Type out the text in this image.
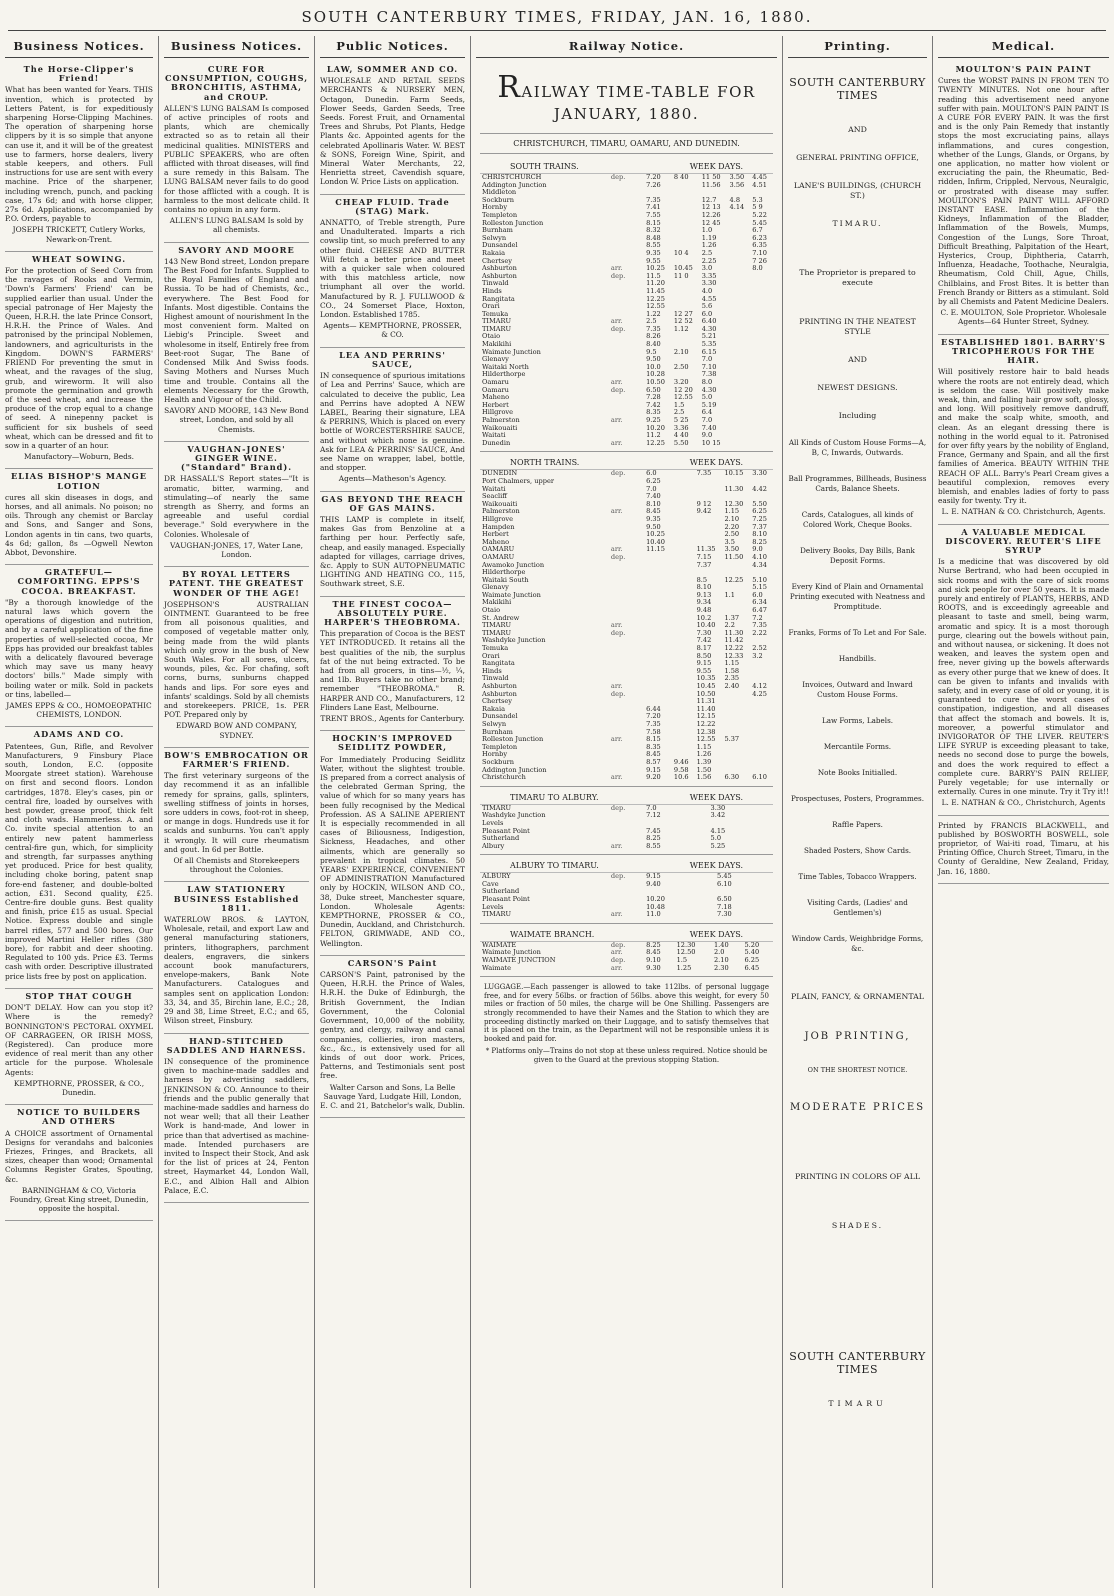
SOUTH CANTERBURY TIMES, FRIDAY, JAN. 16, 1880.
Business Notices.
The Horse-Clipper's Friend!

What has been wanted for Years. THIS invention, which is protected by Letters Patent, is for expeditiously sharpening Horse-Clipping Machines. The operation of sharpening horse clippers by it is so simple that anyone can use it, and it will be of the greatest use to farmers, horse dealers, livery stable keepers, and others. Full instructions for use are sent with every machine. Price of the sharpener, including wrench, punch, and packing case, 17s 6d; and with horse clipper, 27s 6d. Applications, accompanied by P.O. Orders, payable to

JOSEPH TRICKETT, Cutlery Works, Newark-on-Trent.

WHEAT SOWING.

For the protection of Seed Corn from the ravages of Rooks and Vermin, 'Down's Farmers' Friend' can be supplied earlier than usual. Under the special patronage of Her Majesty the Queen, H.R.H. the late Prince Consort, H.R.H. the Prince of Wales. And patronised by the principal Noblemen, landowners, and agriculturists in the Kingdom. DOWN'S FARMERS' FRIEND For preventing the smut in wheat, and the ravages of the slug, grub, and wireworm. It will also promote the germination and growth of the seed wheat, and increase the produce of the crop equal to a change of seed. A ninepenny packet is sufficient for six bushels of seed wheat, which can be dressed and fit to sow in a quarter of an hour.

Manufactory—Woburn, Beds.

ELIAS BISHOP'S MANGE LOTION

cures all skin diseases in dogs, and horses, and all animals. No poison; no oils. Through any chemist or Barclay and Sons, and Sanger and Sons, London agents in tin cans, two quarts, 4s 6d; gallon, 8s —Ogwell Newton Abbot, Devonshire.

GRATEFUL—COMFORTING. EPPS'S COCOA. BREAKFAST.

"By a thorough knowledge of the natural laws which govern the operations of digestion and nutrition, and by a careful application of the fine properties of well-selected cocoa, Mr Epps has provided our breakfast tables with a delicately flavoured beverage which may save us many heavy doctors' bills." Made simply with boiling water or milk. Sold in packets or tins, labelled—

JAMES EPPS & CO., HOMOEOPATHIC CHEMISTS, LONDON.

ADAMS AND CO.

Patentees, Gun, Rifle, and Revolver Manufacturers, 9 Finsbury Place south, London, E.C. (opposite Moorgate street station). Warehouse on first and second floors. London cartridges, 1878. Eley's cases, pin or central fire, loaded by ourselves with best powder, grease proof, thick felt and cloth wads. Hammerless. A. and Co. invite special attention to an entirely new patent hammerless central-fire gun, which, for simplicity and strength, far surpasses anything yet produced. Price for best quality, including choke boring, patent snap fore-end fastener, and double-bolted action, £31. Second quality, £25. Centre-fire double guns. Best quality and finish, price £15 as usual. Special Notice. Express double and single barrel rifles, 577 and 500 bores. Our improved Martini Heller rifles (380 bore), for rabbit and deer shooting. Regulated to 100 yds. Price £3. Terms cash with order. Descriptive illustrated price lists free by post on application.

STOP THAT COUGH

DON'T DELAY. How can you stop it? Where is the remedy? BONNINGTON'S PECTORAL OXYMEL OF CARRAGEEN, OR IRISH MOSS, (Registered). Can produce more evidence of real merit than any other article for the purpose. Wholesale Agents:

KEMPTHORNE, PROSSER, & CO., Dunedin.

NOTICE TO BUILDERS AND OTHERS

A CHOICE assortment of Ornamental Designs for verandahs and balconies Friezes, Fringes, and Brackets, all sizes, cheaper than wood; Ornamental Columns Register Grates, Spouting, &c.

BARNINGHAM & CO, Victoria Foundry, Great King street, Dunedin, opposite the hospital.

Business Notices.
CURE FOR CONSUMPTION, COUGHS, BRONCHITIS, ASTHMA, and CROUP.

ALLEN'S LUNG BALSAM Is composed of active principles of roots and plants, which are chemically extracted so as to retain all their medicinal qualities. MINISTERS and PUBLIC SPEAKERS, who are often afflicted with throat diseases, will find a sure remedy in this Balsam. The LUNG BALSAM never fails to do good for those afflicted with a cough. It is harmless to the most delicate child. It contains no opium in any form.

ALLEN'S LUNG BALSAM Is sold by all chemists.

SAVORY AND MOORE

143 New Bond street, London prepare The Best Food for Infants. Supplied to the Royal Families of England and Russia. To be had of Chemists, &c., everywhere. The Best Food for Infants. Most digestible. Contains the Highest amount of nourishment In the most convenient form. Malted on Liebig's Principle. Sweet and wholesome in itself, Entirely free from Beet-root Sugar, The Bane of Condensed Milk And Swiss foods. Saving Mothers and Nurses Much time and trouble. Contains all the elements Necessary for the Growth, Health and Vigour of the Child.

SAVORY AND MOORE, 143 New Bond street, London, and sold by all Chemists.

VAUGHAN-JONES' GINGER WINE. ("Standard" Brand).

DR HASSALL'S Report states—"It is aromatic, bitter, warming, and stimulating—of nearly the same strength as Sherry, and forms an agreeable and useful cordial beverage." Sold everywhere in the Colonies. Wholesale of

VAUGHAN-JONES, 17, Water Lane, London.

BY ROYAL LETTERS PATENT. THE GREATEST WONDER OF THE AGE!

JOSEPHSON'S AUSTRALIAN OINTMENT. Guaranteed to be free from all poisonous qualities, and composed of vegetable matter only, being made from the wild plants which only grow in the bush of New South Wales. For all sores, ulcers, wounds, piles, &c. For chafing, soft corns, burns, sunburns chapped hands and lips. For sore eyes and infants' scaldings. Sold by all chemists and storekeepers. PRICE, 1s. PER POT. Prepared only by

EDWARD BOW AND COMPANY, SYDNEY.

BOW'S EMBROCATION OR FARMER'S FRIEND.

The first veterinary surgeons of the day recommend it as an infallible remedy for sprains, galls, splinters, swelling stiffness of joints in horses, sore udders in cows, foot-rot in sheep, or mange in dogs. Hundreds use it for scalds and sunburns. You can't apply it wrongly. It will cure rheumatism and gout. In 6d per Bottle.

Of all Chemists and Storekeepers throughout the Colonies.

LAW STATIONERY BUSINESS Established 1811.

WATERLOW BROS. & LAYTON, Wholesale, retail, and export Law and general manufacturing stationers, printers, lithographers, parchment dealers, engravers, die sinkers account book manufacturers, envelope-makers, Bank Note Manufacturers. Catalogues and samples sent on application London: 33, 34, and 35, Birchin lane, E.C.; 28, 29 and 38, Lime Street, E.C.; and 65, Wilson street, Finsbury.

HAND-STITCHED SADDLES AND HARNESS.

IN consequence of the prominence given to machine-made saddles and harness by advertising saddlers, JENKINSON & CO. Announce to their friends and the public generally that machine-made saddles and harness do not wear well; that all their Leather Work is hand-made, And lower in price than that advertised as machine-made. Intended purchasers are invited to Inspect their Stock, And ask for the list of prices at 24, Fenton street, Haymarket 44, London Wall, E.C., and Albion Hall and Albion Palace, E.C.

Public Notices.
LAW, SOMMER AND CO.

WHOLESALE AND RETAIL SEEDS MERCHANTS & NURSERY MEN, Octagon, Dunedin. Farm Seeds, Flower Seeds, Garden Seeds, Tree Seeds. Forest Fruit, and Ornamental Trees and Shrubs, Pot Plants, Hedge Plants &c. Appointed agents for the celebrated Apollinaris Water. W. BEST & SONS, Foreign Wine, Spirit, and Mineral Water Merchants, 22, Henrietta street, Cavendish square, London W. Price Lists on application.

CHEAP FLUID. Trade (STAG) Mark.

ANNATTO, of Treble strength, Pure and Unadulterated. Imparts a rich cowslip tint, so much preferred to any other fluid. CHEESE AND BUTTER Will fetch a better price and meet with a quicker sale when coloured with this matchless article, now triumphant all over the world. Manufactured by R. J. FULLWOOD & CO., 24 Somerset Place, Hoxton, London. Established 1785.

Agents— KEMPTHORNE, PROSSER, & CO.

LEA AND PERRINS' SAUCE,

IN consequence of spurious imitations of Lea and Perrins' Sauce, which are calculated to deceive the public, Lea and Perrins have adopted A NEW LABEL, Bearing their signature, LEA & PERRINS, Which is placed on every bottle of WORCESTERSHIRE SAUCE, and without which none is genuine. Ask for LEA & PERRINS' SAUCE, And see Name on wrapper, label, bottle, and stopper.

Agents—Matheson's Agency.

GAS BEYOND THE REACH OF GAS MAINS.

THIS LAMP is complete in itself, makes Gas from Benzoline at a farthing per hour. Perfectly safe, cheap, and easily managed. Especially adapted for villages, carriage drives, &c. Apply to SUN AUTOPNEUMATIC LIGHTING AND HEATING CO., 115, Southwark street, S.E.

THE FINEST COCOA—ABSOLUTELY PURE. HARPER'S THEOBROMA.

This preparation of Cocoa is the BEST YET INTRODUCED. It retains all the best qualities of the nib, the surplus fat of the nut being extracted. To be had from all grocers, in tins—½, ¼, and 1lb. Buyers take no other brand; remember "THEOBROMA." R. HARPER AND CO., Manufacturers, 12 Flinders Lane East, Melbourne.

TRENT BROS., Agents for Canterbury.

HOCKIN'S IMPROVED SEIDLITZ POWDER,

For Immediately Producing Seidlitz Water, without the slightest trouble. IS prepared from a correct analysis of the celebrated German Spring, the value of which for so many years has been fully recognised by the Medical Profession. AS A SALINE APERIENT It is especially recommended in all cases of Biliousness, Indigestion, Sickness, Headaches, and other ailments, which are generally so prevalent in tropical climates. 50 YEARS' EXPERIENCE, CONVENIENT OF ADMINISTRATION Manufactured only by HOCKIN, WILSON AND CO., 38, Duke street, Manchester square, London. Wholesale Agents: KEMPTHORNE, PROSSER & CO., Dunedin, Auckland, and Christchurch. FELTON, GRIMWADE, AND CO., Wellington.

CARSON'S Paint

CARSON'S Paint, patronised by the Queen, H.R.H. the Prince of Wales, H.R.H. the Duke of Edinburgh, the British Government, the Indian Government, the Colonial Government, 10,000 of the nobility, gentry, and clergy, railway and canal companies, collieries, iron masters, &c., &c., is extensively used for all kinds of out door work. Prices, Patterns, and Testimonials sent post free.

Walter Carson and Sons, La Belle Sauvage Yard, Ludgate Hill, London, E. C. and 21, Batchelor's walk, Dublin.

Railway Notice.
RAILWAY TIME-TABLE FOR JANUARY, 1880.
CHRISTCHURCH, TIMARU, OAMARU, AND DUNEDIN.
SOUTH TRAINS.	WEEK DAYS.
CHRISTCHURCH	dep.	7.20	8 40	11 50	3.50	4.45
Addington Junction		7.26		11.56	3.56	4.51
Middleton						
Sockburn		7.35		12.7	4.8	5.3
Hornby		7.41		12 13	4.14	5 9
Templeton		7.55		12.26		5.22
Rolleston Junction		8.15		12 45		5.45
Burnham		8.32		1.0		6.7
Selwyn		8.48		1.19		6.23
Dunsandel		8.55		1.26		6.35
Rakaia		9.35	10 4	2.5		7.10
Chertsey		9.55		2.25		7 26
Ashburton	arr.	10.25	10.45	3.0		8.0
Ashburton	dep.	11.5	11 0	3.35		
Tinwald		11.20		3.30		
Hinds		11.45		4.0		
Rangitata		12.25		4.55		
Orari		12.55		5.6		
Temuka		1.22	12 27	6.0		
TIMARU	arr.	2.5	12 52	6.40		
TIMARU	dep.	7.35	1.12	4.30		
Otaio		8.26		5.21		
Makikihi		8.40		5.35		
Waimate Junction		9.5	2.10	6.15		
Glenavy		9.50		7.0		
Waitaki North		10.0	2.50	7.10		
Hilderthorpe		10.28		7.38		
Oamaru	arr.	10.50	3.20	8.0		
Oamaru	dep.	6.50	12 20	4.30		
Maheno		7.28	12.55	5.0		
Herbert		7.42	1.5	5.19		
Hillgrove		8.35	2.5	6.4		
Palmerston	arr.	9.25	5 25	7.0		
Waikouaiti		10.20	3.36	7.40		
Waitati		11.2	4 40	9.0		
Dunedin	arr.	12.25	5.50	10 15		
NORTH TRAINS.	WEEK DAYS.
DUNEDIN	dep.	6.0		7.35	10.15	3.30
Port Chalmers, upper		6.25				
Waitati		7.0			11.30	4.42
Seacliff		7.40				
Waikouaiti		8.10		9 12	12.30	5.50
Palmerston	arr.	8.45		9.42	1.15	6.25
Hillgrove		9.35			2.10	7.25
Hampden		9.50			2.20	7.37
Herbert		10.25			2.50	8.10
Maheno		10.40			3.5	8.25
OAMARU	arr.	11.15		11.35	3.50	9.0
OAMARU	dep.			7.15	11.50	4.10
Awamoko Junction				7.37		4.34
Hilderthorpe						
Waitaki South				8.5	12.25	5.10
Glenavy				8.10		5.15
Waimate Junction				9.13	1.1	6.0
Makikihi				9.34		6.34
Otaio				9.48		6.47
St. Andrew				10.2	1.37	7.2
TIMARU	arr.			10.40	2.2	7.35
TIMARU	dep.			7.30	11.30	2.22
Washdyke Junction				7.42	11.42	
Temuka				8.17	12.22	2.52
Orari				8.50	12.33	3.2
Rangitata				9.15	1.15	
Hinds				9.55	1.58	
Tinwald				10.35	2.35	
Ashburton	arr.			10.45	2.40	4.12
Ashburton	dep.			10.50		4.25
Chertsey				11.31		
Rakaia		6.44		11.40		
Dunsandel		7.20		12.15		
Selwyn		7.35		12.22		
Burnham		7.58		12.38		
Rolleston Junction	arr.	8.15		12.55	5.37	
Templeton		8.35		1.15		
Hornby		8.45		1.26		
Sockburn		8.57	9.46	1.39		
Addington Junction		9.15	9.58	1.50		
Christchurch	arr.	9.20	10.6	1.56	6.30	6.10
TIMARU TO ALBURY.	WEEK DAYS.
TIMARU	dep.	7.0	3.30
Washdyke Junction		7.12	3.42
Levels			
Pleasant Point		7.45	4.15
Sutherland		8.25	5.0
Albury	arr.	8.55	5.25
ALBURY TO TIMARU.	WEEK DAYS.
ALBURY	dep.	9.15	5.45
Cave		9.40	6.10
Sutherland			
Pleasant Point		10.20	6.50
Levels		10.48	7.18
TIMARU	arr.	11.0	7.30
WAIMATE BRANCH.	WEEK DAYS.
WAIMATE	dep.	8.25	12.30	1.40	5.20
Waimate Junction	arr.	8.45	12.50	2.0	5.40
WAIMATE JUNCTION	dep.	9.10	1.5	2.10	6.25
Waimate	arr.	9.30	1.25	2.30	6.45
LUGGAGE.—Each passenger is allowed to take 112lbs. of personal luggage free, and for every 56lbs. or fraction of 56lbs. above this weight, for every 50 miles or fraction of 50 miles, the charge will be One Shilling. Passengers are strongly recommended to have their Names and the Station to which they are proceeding distinctly marked on their Luggage, and to satisfy themselves that it is placed on the train, as the Department will not be responsible unless it is booked and paid for.
* Platforms only—Trains do not stop at these unless required. Notice should be given to the Guard at the previous stopping Station.
Printing.
SOUTH CANTERBURY TIMES
AND
GENERAL PRINTING OFFICE,
LANE'S BUILDINGS, (CHURCH ST.)
TIMARU.
The Proprietor is prepared to execute
PRINTING IN THE NEATEST STYLE
AND
NEWEST DESIGNS.
Including
All Kinds of Custom House Forms—A, B, C, Inwards, Outwards.
Ball Programmes, Billheads, Business Cards, Balance Sheets.
Cards, Catalogues, all kinds of Colored Work, Cheque Books.
Delivery Books, Day Bills, Bank Deposit Forms.
Every Kind of Plain and Ornamental Printing executed with Neatness and Promptitude.
Franks, Forms of To Let and For Sale.
Handbills.
Invoices, Outward and Inward Custom House Forms.
Law Forms, Labels.
Mercantile Forms.
Note Books Initialled.
Prospectuses, Posters, Programmes.
Raffle Papers.
Shaded Posters, Show Cards.
Time Tables, Tobacco Wrappers.
Visiting Cards, (Ladies' and Gentlemen's)
Window Cards, Weighbridge Forms, &c.
PLAIN, FANCY, & ORNAMENTAL
JOB PRINTING,
ON THE SHORTEST NOTICE.
MODERATE PRICES
PRINTING IN COLORS OF ALL
SHADES.
SOUTH CANTERBURY TIMES
TIMARU
Medical.
MOULTON'S PAIN PAINT

Cures the WORST PAINS IN FROM TEN TO TWENTY MINUTES. Not one hour after reading this advertisement need anyone suffer with pain. MOULTON'S PAIN PAINT IS A CURE FOR EVERY PAIN. It was the first and is the only Pain Remedy that instantly stops the most excruciating pains, allays inflammations, and cures congestion, whether of the Lungs, Glands, or Organs, by one application, no matter how violent or excruciating the pain, the Rheumatic, Bed-ridden, Infirm, Crippled, Nervous, Neuralgic, or prostrated with disease may suffer. MOULTON'S PAIN PAINT WILL AFFORD INSTANT EASE. Inflammation of the Kidneys, Inflammation of the Bladder, Inflammation of the Bowels, Mumps, Congestion of the Lungs, Sore Throat, Difficult Breathing, Palpitation of the Heart, Hysterics, Croup, Diphtheria, Catarrh, Influenza, Headache, Toothache, Neuralgia, Rheumatism, Cold Chill, Ague, Chills, Chilblains, and Frost Bites. It is better than French Brandy or Bitters as a stimulant. Sold by all Chemists and Patent Medicine Dealers.

C. E. MOULTON, Sole Proprietor. Wholesale Agents—64 Hunter Street, Sydney.

ESTABLISHED 1801. BARRY'S TRICOPHEROUS FOR THE HAIR.

Will positively restore hair to bald heads where the roots are not entirely dead, which is seldom the case. Will positively make weak, thin, and falling hair grow soft, glossy, and long. Will positively remove dandruff, and make the scalp white, smooth, and clean. As an elegant dressing there is nothing in the world equal to it. Patronised for over fifty years by the nobility of England, France, Germany and Spain, and all the first families of America. BEAUTY WITHIN THE REACH OF ALL. Barry's Pearl Cream gives a beautiful complexion, removes every blemish, and enables ladies of forty to pass easily for twenty. Try it.

L. E. NATHAN & CO. Christchurch, Agents.

A VALUABLE MEDICAL DISCOVERY. REUTER'S LIFE SYRUP

Is a medicine that was discovered by old Nurse Bertrand, who had been occupied in sick rooms and with the care of sick rooms and sick people for over 50 years. It is made purely and entirely of PLANTS, HERBS, AND ROOTS, and is exceedingly agreeable and pleasant to taste and smell, being warm, aromatic and spicy. It is a most thorough purge, clearing out the bowels without pain, and without nausea, or sickening. It does not weaken, and leaves the system open and free, never giving up the bowels afterwards as every other purge that we knew of does. It can be given to infants and invalids with safety, and in every case of old or young, it is guaranteed to cure the worst cases of constipation, indigestion, and all diseases that affect the stomach and bowels. It is, moreover, a powerful stimulator and INVIGORATOR OF THE LIVER. REUTER'S LIFE SYRUP is exceeding pleasant to take, needs no second dose to purge the bowels, and does the work required to effect a complete cure. BARRY'S PAIN RELIEF, Purely vegetable; for use internally or externally. Cures in one minute. Try it Try it!!

L. E. NATHAN & CO., Christchurch, Agents

Printed by FRANCIS BLACKWELL, and published by BOSWORTH BOSWELL, sole proprietor, of Wai-iti road, Timaru, at his Printing Office, Church Street, Timaru, in the County of Geraldine, New Zealand, Friday, Jan. 16, 1880.
